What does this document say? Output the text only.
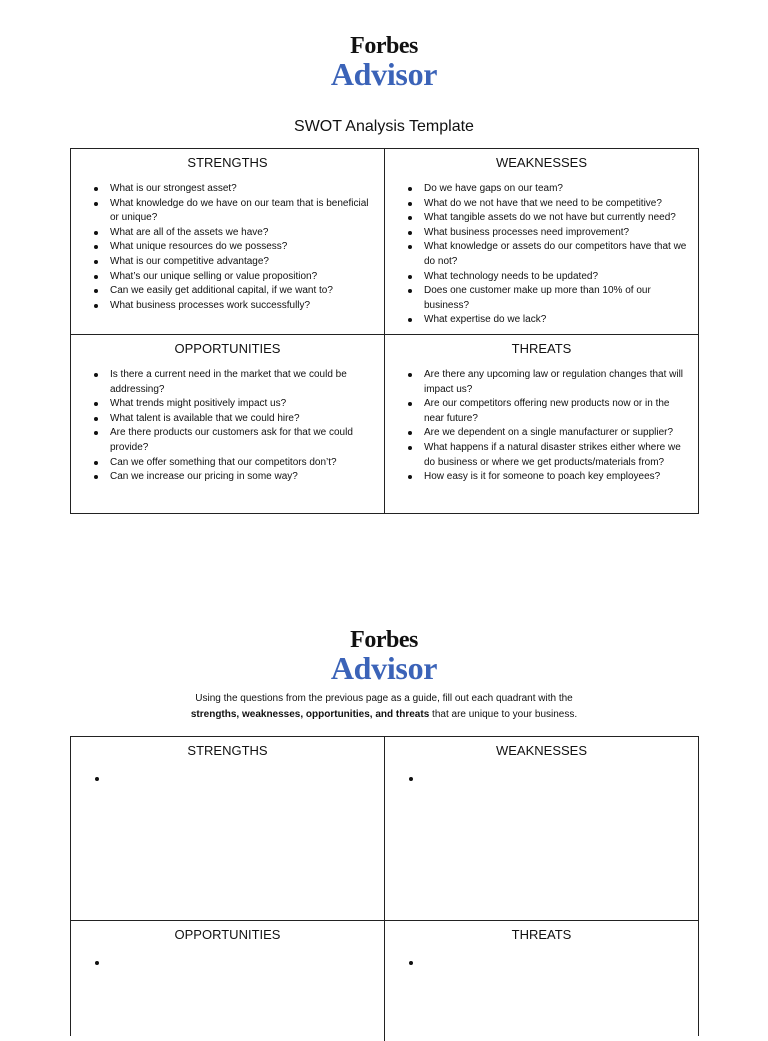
Forbes
Advisor
SWOT Analysis Template
STRENGTHS
What is our strongest asset?
What knowledge do we have on our team that is beneficial or unique?
What are all of the assets we have?
What unique resources do we possess?
What is our competitive advantage?
What’s our unique selling or value proposition?
Can we easily get additional capital, if we want to?
What business processes work successfully?
WEAKNESSES
Do we have gaps on our team?
What do we not have that we need to be competitive?
What tangible assets do we not have but currently need?
What business processes need improvement?
What knowledge or assets do our competitors have that we do not?
What technology needs to be updated?
Does one customer make up more than 10% of our business?
What expertise do we lack?
OPPORTUNITIES
Is there a current need in the market that we could be addressing?
What trends might positively impact us?
What talent is available that we could hire?
Are there products our customers ask for that we could provide?
Can we offer something that our competitors don’t?
Can we increase our pricing in some way?
THREATS
Are there any upcoming law or regulation changes that will impact us?
Are our competitors offering new products now or in the near future?
Are we dependent on a single manufacturer or supplier?
What happens if a natural disaster strikes either where we do business or where we get products/materials from?
How easy is it for someone to poach key employees?
Forbes
Advisor
Using the questions from the previous page as a guide, fill out each quadrant with the
strengths, weaknesses, opportunities, and threats that are unique to your business.
STRENGTHS	WEAKNESSES
OPPORTUNITIES	THREATS
